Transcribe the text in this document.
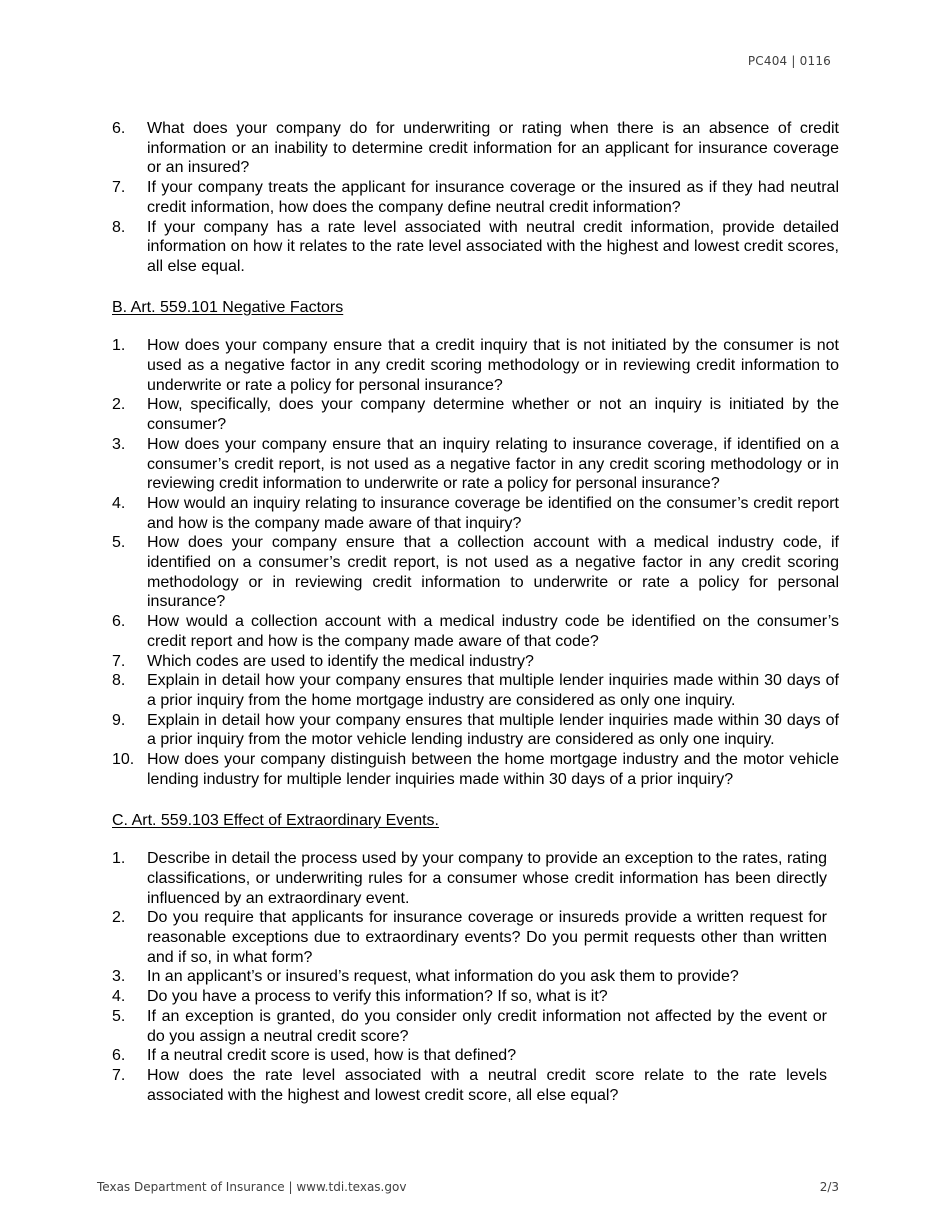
PC404 | 0116
6. What does your company do for underwriting or rating when there is an absence of credit information or an inability to determine credit information for an applicant for insurance coverage or an insured?
7. If your company treats the applicant for insurance coverage or the insured as if they had neutral credit information, how does the company define neutral credit information?
8. If your company has a rate level associated with neutral credit information, provide detailed information on how it relates to the rate level associated with the highest and lowest credit scores, all else equal.
B. Art. 559.101 Negative Factors
1. How does your company ensure that a credit inquiry that is not initiated by the consumer is not used as a negative factor in any credit scoring methodology or in reviewing credit information to underwrite or rate a policy for personal insurance?
2. How, specifically, does your company determine whether or not an inquiry is initiated by the consumer?
3. How does your company ensure that an inquiry relating to insurance coverage, if identified on a consumer’s credit report, is not used as a negative factor in any credit scoring methodology or in reviewing credit information to underwrite or rate a policy for personal insurance?
4. How would an inquiry relating to insurance coverage be identified on the consumer’s credit report and how is the company made aware of that inquiry?
5. How does your company ensure that a collection account with a medical industry code, if identified on a consumer’s credit report, is not used as a negative factor in any credit scoring methodology or in reviewing credit information to underwrite or rate a policy for personal insurance?
6. How would a collection account with a medical industry code be identified on the consumer’s credit report and how is the company made aware of that code?
7. Which codes are used to identify the medical industry?
8. Explain in detail how your company ensures that multiple lender inquiries made within 30 days of a prior inquiry from the home mortgage industry are considered as only one inquiry.
9. Explain in detail how your company ensures that multiple lender inquiries made within 30 days of a prior inquiry from the motor vehicle lending industry are considered as only one inquiry.
10. How does your company distinguish between the home mortgage industry and the motor vehicle lending industry for multiple lender inquiries made within 30 days of a prior inquiry?
C. Art. 559.103 Effect of Extraordinary Events.
1. Describe in detail the process used by your company to provide an exception to the rates, rating classifications, or underwriting rules for a consumer whose credit information has been directly influenced by an extraordinary event.
2. Do you require that applicants for insurance coverage or insureds provide a written request for reasonable exceptions due to extraordinary events? Do you permit requests other than written and if so, in what form?
3. In an applicant’s or insured’s request, what information do you ask them to provide?
4. Do you have a process to verify this information? If so, what is it?
5. If an exception is granted, do you consider only credit information not affected by the event or do you assign a neutral credit score?
6. If a neutral credit score is used, how is that defined?
7. How does the rate level associated with a neutral credit score relate to the rate levels associated with the highest and lowest credit score, all else equal?
Texas Department of Insurance | www.tdi.texas.gov	2/3
